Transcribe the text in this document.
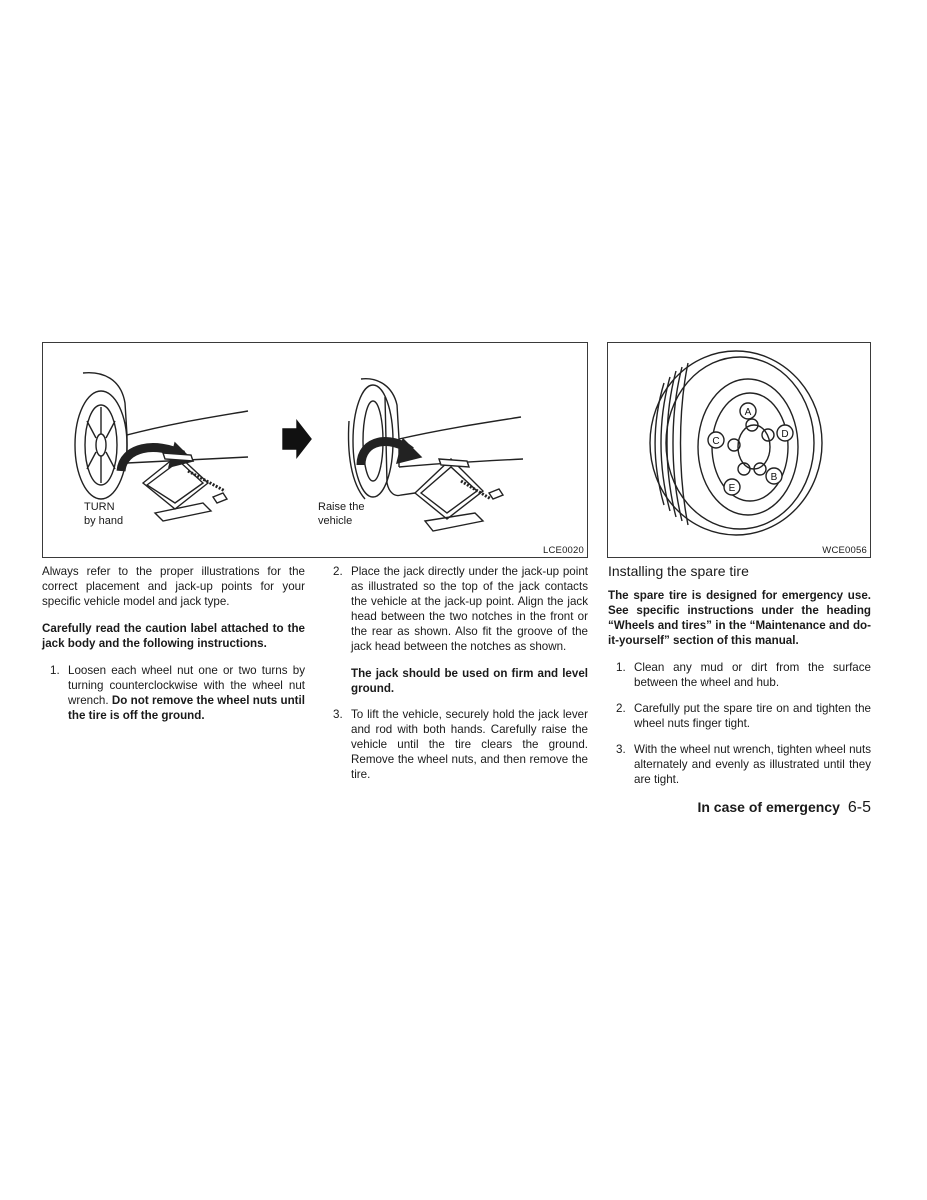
TURN
by hand
Raise the
vehicle
LCE0020
A
D
C
B
E
WCE0056

Always refer to the proper illustrations for the correct placement and jack-up points for your specific vehicle model and jack type.

Carefully read the caution label attached to the jack body and the following instructions.

1. Loosen each wheel nut one or two turns by turning counterclockwise with the wheel nut wrench. Do not remove the wheel nuts until the tire is off the ground.
2. Place the jack directly under the jack-up point as illustrated so the top of the jack contacts the vehicle at the jack-up point. Align the jack head between the two notches in the front or the rear as shown. Also fit the groove of the jack head between the notches as shown.
The jack should be used on firm and level ground.
3. To lift the vehicle, securely hold the jack lever and rod with both hands. Carefully raise the vehicle until the tire clears the ground. Remove the wheel nuts, and then remove the tire.
Installing the spare tire

The spare tire is designed for emergency use. See specific instructions under the heading “Wheels and tires” in the “Maintenance and do-it-yourself” section of this manual.

1. Clean any mud or dirt from the surface between the wheel and hub.
2. Carefully put the spare tire on and tighten the wheel nuts finger tight.
3. With the wheel nut wrench, tighten wheel nuts alternately and evenly as illustrated until they are tight.
In case of emergency 6-5
